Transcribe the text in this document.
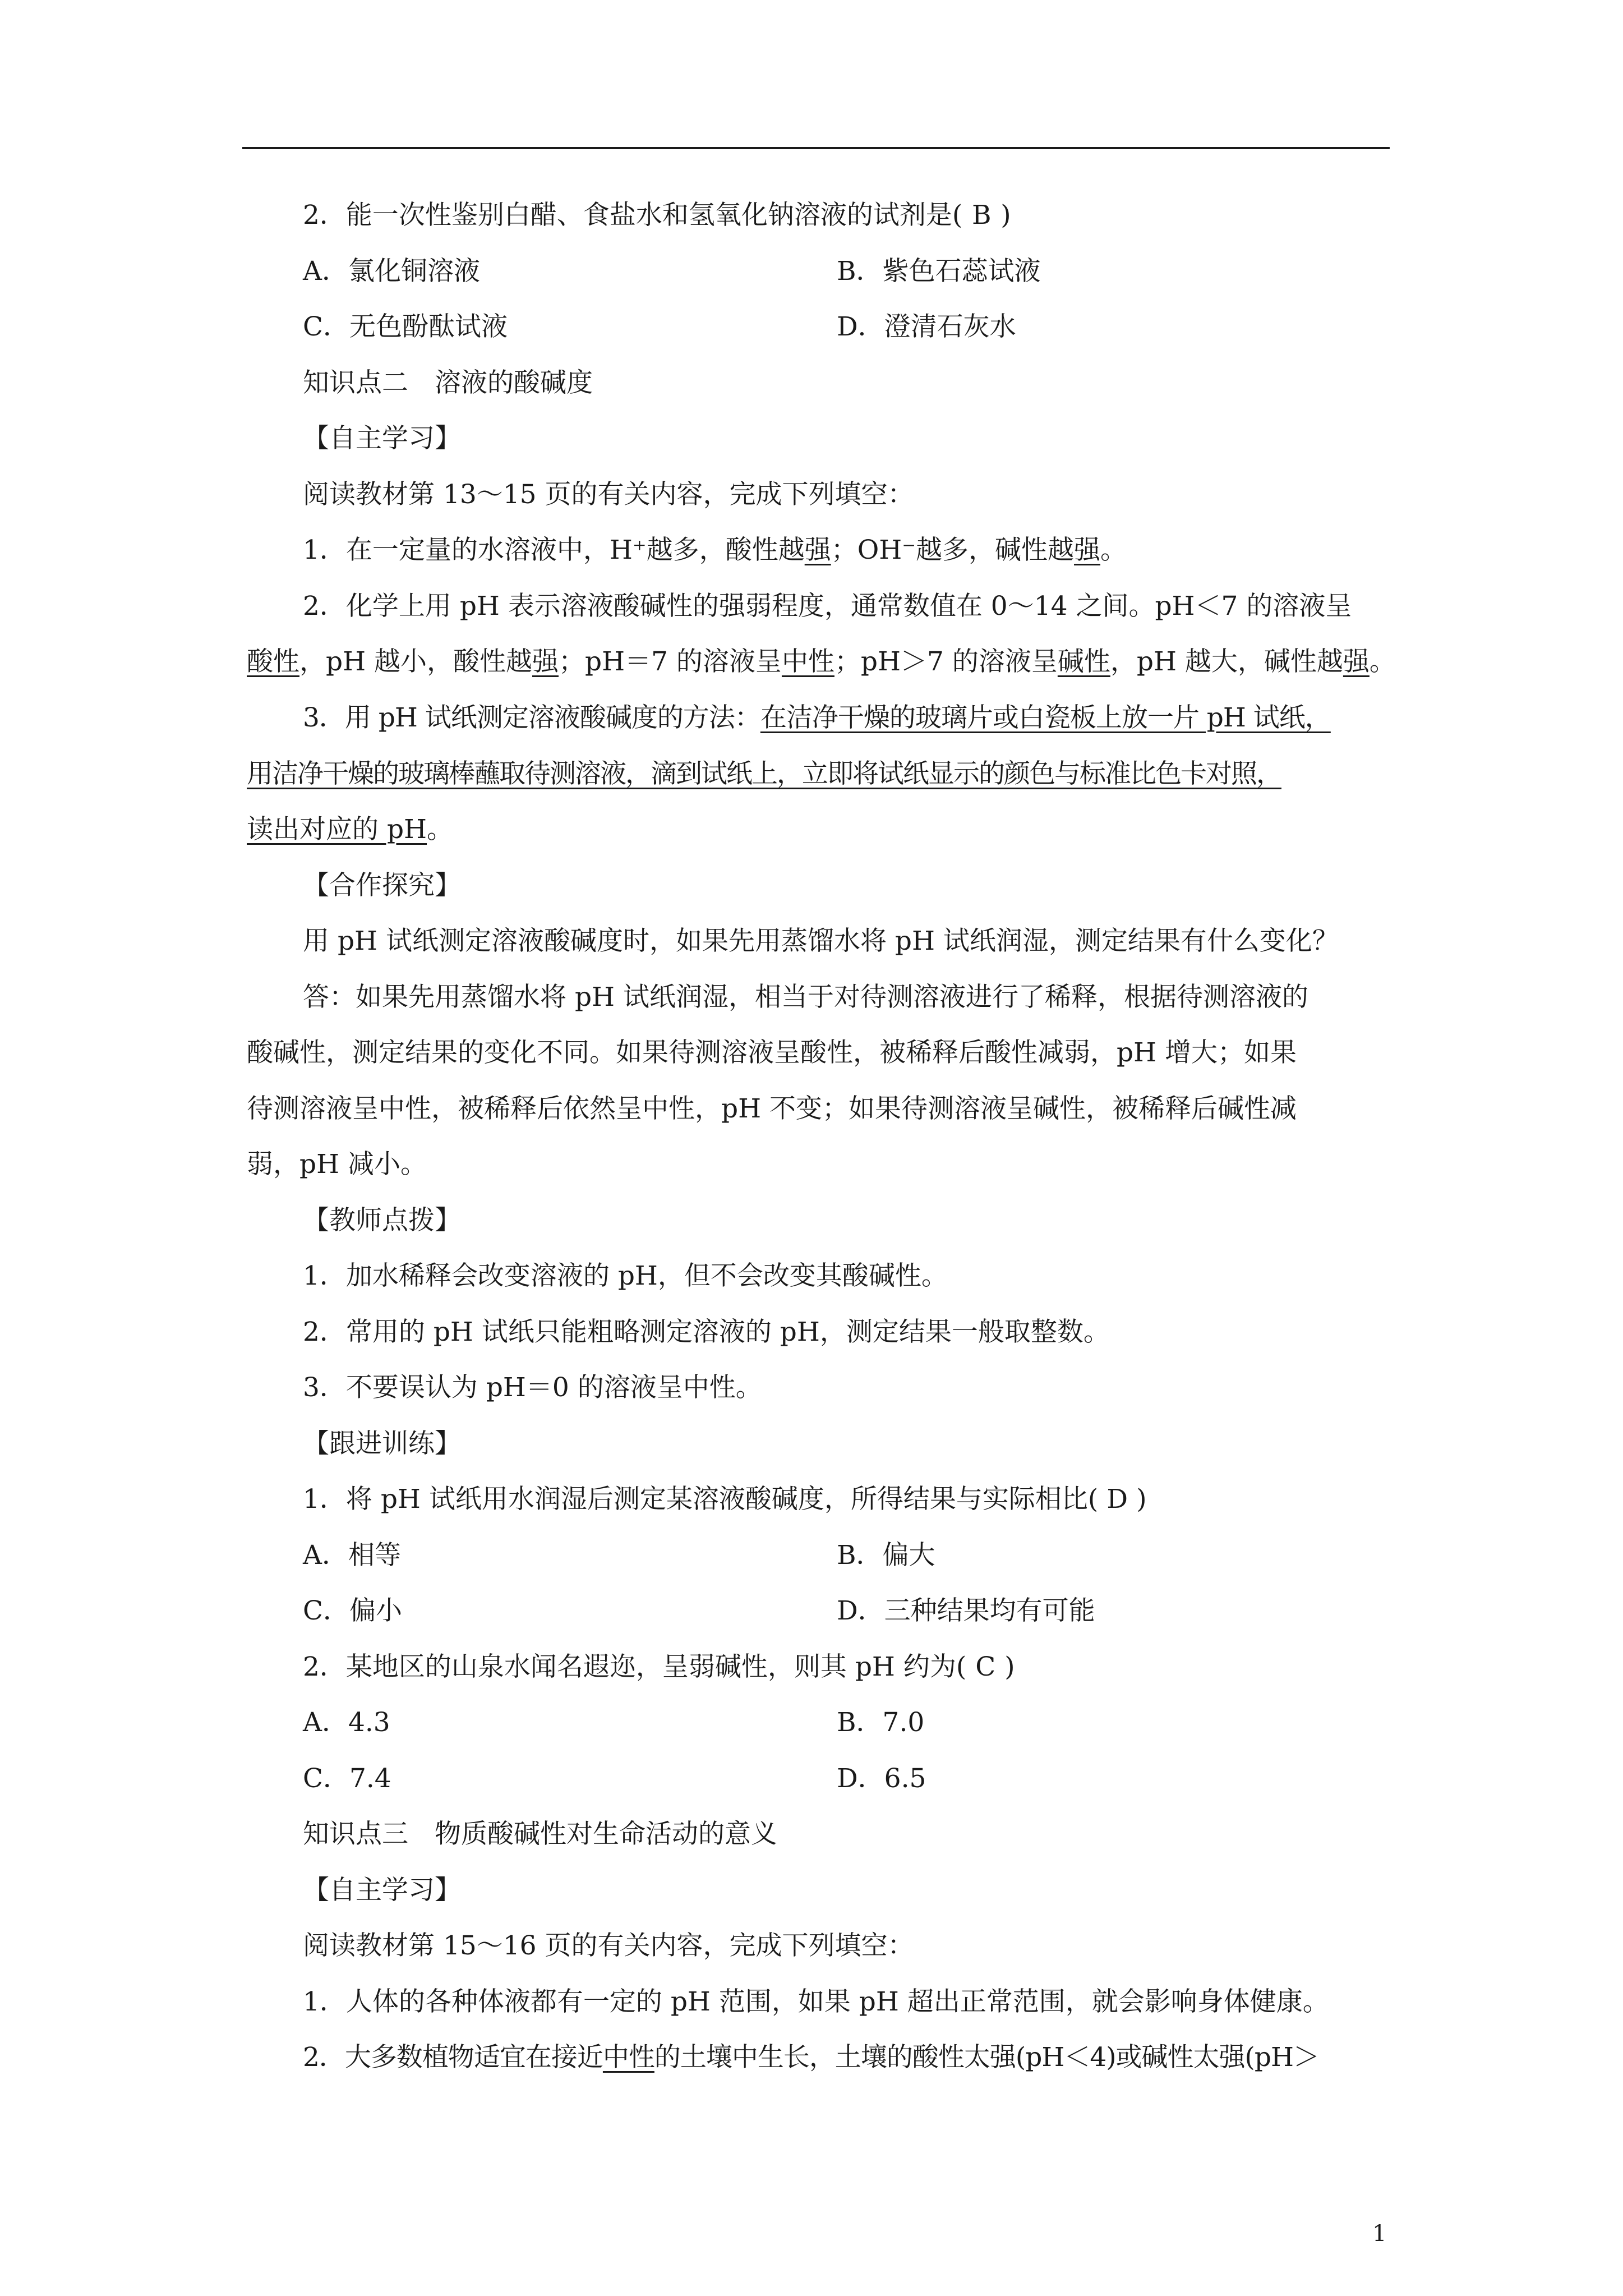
2．能一次性鉴别白醋、食盐水和氢氧化钠溶液的试剂是( B )
A．氯化铜溶液	B．紫色石蕊试液
C．无色酚酞试液	D．澄清石灰水
知识点二　溶液的酸碱度
【自主学习】
阅读教材第 13～15 页的有关内容，完成下列填空：
1．在一定量的水溶液中，H⁺越多，酸性越强；OH⁻越多，碱性越强。
2．化学上用 pH 表示溶液酸碱性的强弱程度，通常数值在 0～14 之间。pH＜7 的溶液呈
酸性，pH 越小，酸性越强；pH＝7 的溶液呈中性；pH＞7 的溶液呈碱性，pH 越大，碱性越强。
3．用 pH 试纸测定溶液酸碱度的方法：在洁净干燥的玻璃片或白瓷板上放一片 pH 试纸，
用洁净干燥的玻璃棒蘸取待测溶液，滴到试纸上，立即将试纸显示的颜色与标准比色卡对照，
读出对应的 pH。
【合作探究】
用 pH 试纸测定溶液酸碱度时，如果先用蒸馏水将 pH 试纸润湿，测定结果有什么变化？
答：如果先用蒸馏水将 pH 试纸润湿，相当于对待测溶液进行了稀释，根据待测溶液的
酸碱性，测定结果的变化不同。如果待测溶液呈酸性，被稀释后酸性减弱，pH 增大；如果
待测溶液呈中性，被稀释后依然呈中性，pH 不变；如果待测溶液呈碱性，被稀释后碱性减
弱，pH 减小。
【教师点拨】
1．加水稀释会改变溶液的 pH，但不会改变其酸碱性。
2．常用的 pH 试纸只能粗略测定溶液的 pH，测定结果一般取整数。
3．不要误认为 pH＝0 的溶液呈中性。
【跟进训练】
1．将 pH 试纸用水润湿后测定某溶液酸碱度，所得结果与实际相比( D )
A．相等	B．偏大
C．偏小	D．三种结果均有可能
2．某地区的山泉水闻名遐迩，呈弱碱性，则其 pH 约为( C )
A．4.3	B．7.0
C．7.4	D．6.5
知识点三　物质酸碱性对生命活动的意义
【自主学习】
阅读教材第 15～16 页的有关内容，完成下列填空：
1．人体的各种体液都有一定的 pH 范围，如果 pH 超出正常范围，就会影响身体健康。
2．大多数植物适宜在接近中性的土壤中生长，土壤的酸性太强(pH＜4)或碱性太强(pH＞
1
